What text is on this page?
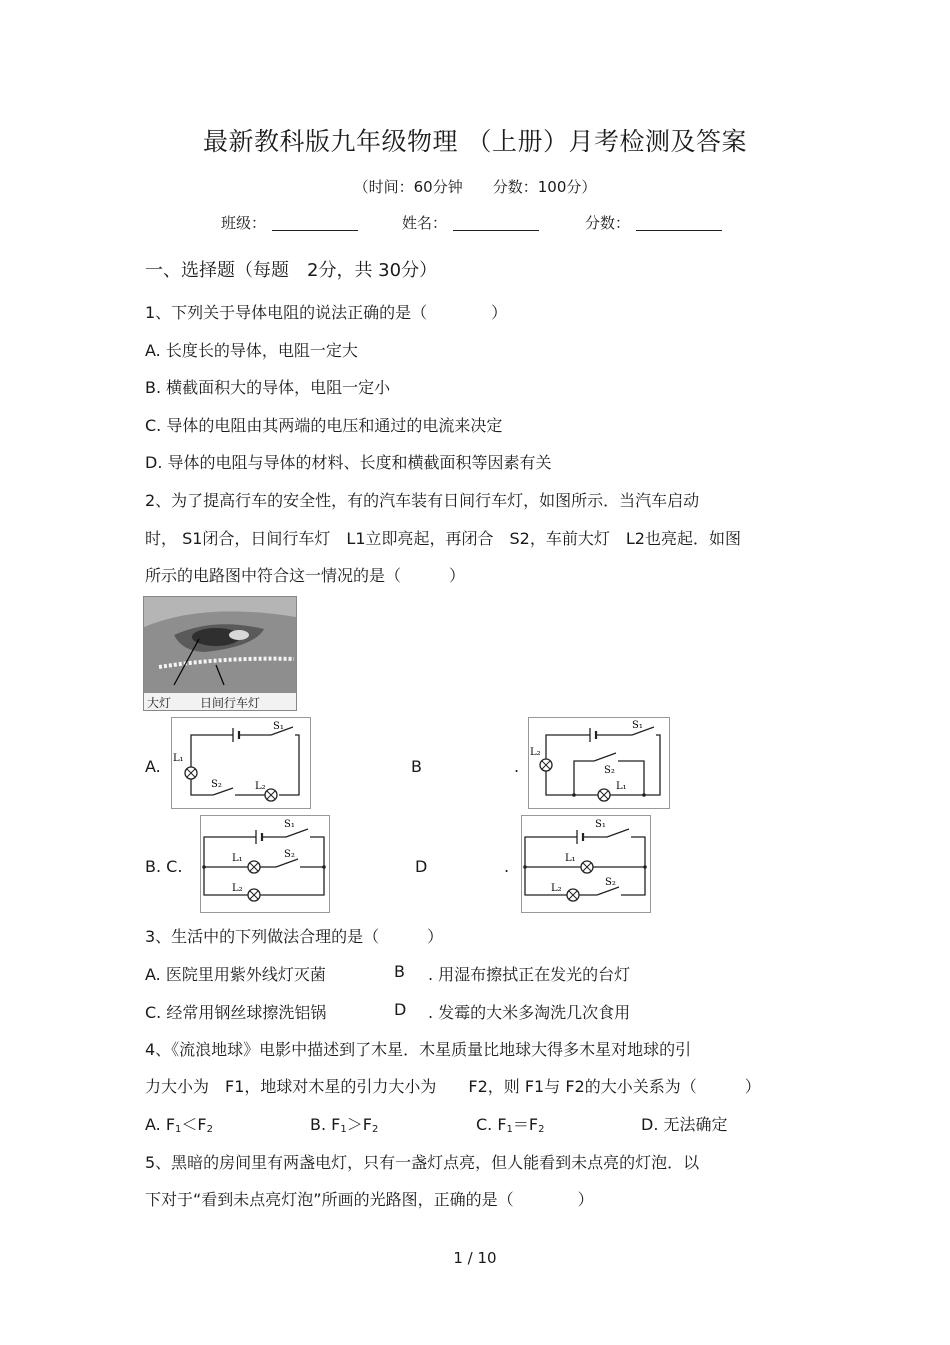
最新教科版九年级物理 （上册）月考检测及答案
（时间：60分钟　　分数：100分）
班级：	姓名：	分数：
一、选择题（每题　2分，共 30分）
1、下列关于导体电阻的说法正确的是（　　　　）
A. 长度长的导体，电阻一定大
B. 横截面积大的导体，电阻一定小
C. 导体的电阻由其两端的电压和通过的电流来决定
D. 导体的电阻与导体的材料、长度和横截面积等因素有关
2、为了提高行车的安全性，有的汽车装有日间行车灯，如图所示．当汽车启动
时， S1闭合，日间行车灯　L1立即亮起，再闭合　S2，车前大灯　L2也亮起．如图
所示的电路图中符合这一情况的是（　　　）
大灯 日间行车灯
A.	B	.
B. C.	D	.
S₁
L₁
S₂	L₂
S₁
L₂
S₂
L₁
S₁
L₁	S₂
L₂
S₁
L₁
L₂
S₂
3、生活中的下列做法合理的是（　　　）
A. 医院里用紫外线灯灭菌	B . 用湿布擦拭正在发光的台灯
C. 经常用钢丝球擦洗铝锅	D . 发霉的大米多淘洗几次食用
4、《流浪地球》电影中描述到了木星．木星质量比地球大得多木星对地球的引
力大小为　F1，地球对木星的引力大小为　　F2，则 F1与 F2的大小关系为（　　　）
A. $F_1<F_2$	B. $F_1>F_2$	C. $F_1=F_2$	D. 无法确定
5、黑暗的房间里有两盏电灯，只有一盏灯点亮，但人能看到未点亮的灯泡．以
下对于“看到未点亮灯泡”所画的光路图，正确的是（　　　　）
1 / 10
